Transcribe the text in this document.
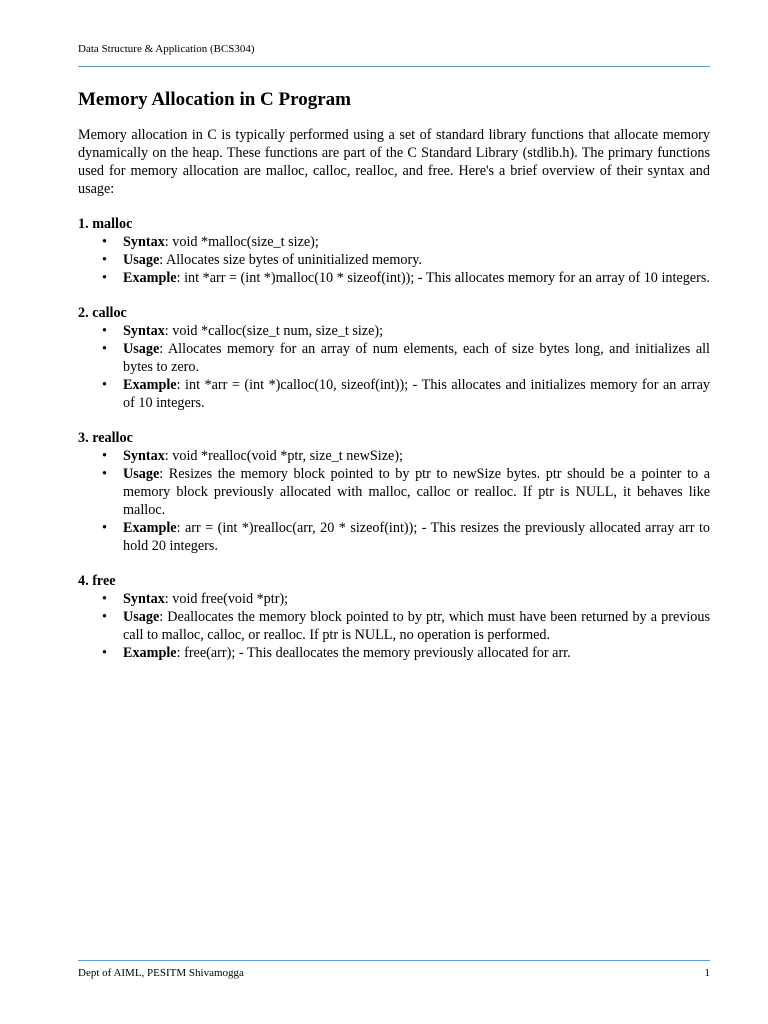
Data Structure & Application (BCS304)
Memory Allocation in C Program

Memory allocation in C is typically performed using a set of standard library functions that allocate memory dynamically on the heap. These functions are part of the C Standard Library (stdlib.h). The primary functions used for memory allocation are malloc, calloc, realloc, and free. Here's a brief overview of their syntax and usage:

1. malloc
• Syntax: void *malloc(size_t size);
• Usage: Allocates size bytes of uninitialized memory.
• Example: int *arr = (int *)malloc(10 * sizeof(int)); - This allocates memory for an array of 10 integers.
2. calloc
• Syntax: void *calloc(size_t num, size_t size);
• Usage: Allocates memory for an array of num elements, each of size bytes long, and initializes all bytes to zero.
• Example: int *arr = (int *)calloc(10, sizeof(int)); - This allocates and initializes memory for an array of 10 integers.
3. realloc
• Syntax: void *realloc(void *ptr, size_t newSize);
• Usage: Resizes the memory block pointed to by ptr to newSize bytes. ptr should be a pointer to a memory block previously allocated with malloc, calloc or realloc. If ptr is NULL, it behaves like malloc.
• Example: arr = (int *)realloc(arr, 20 * sizeof(int)); - This resizes the previously allocated array arr to hold 20 integers.
4. free
• Syntax: void free(void *ptr);
• Usage: Deallocates the memory block pointed to by ptr, which must have been returned by a previous call to malloc, calloc, or realloc. If ptr is NULL, no operation is performed.
• Example: free(arr); - This deallocates the memory previously allocated for arr.
Dept of AIML, PESITM Shivamogga	1
